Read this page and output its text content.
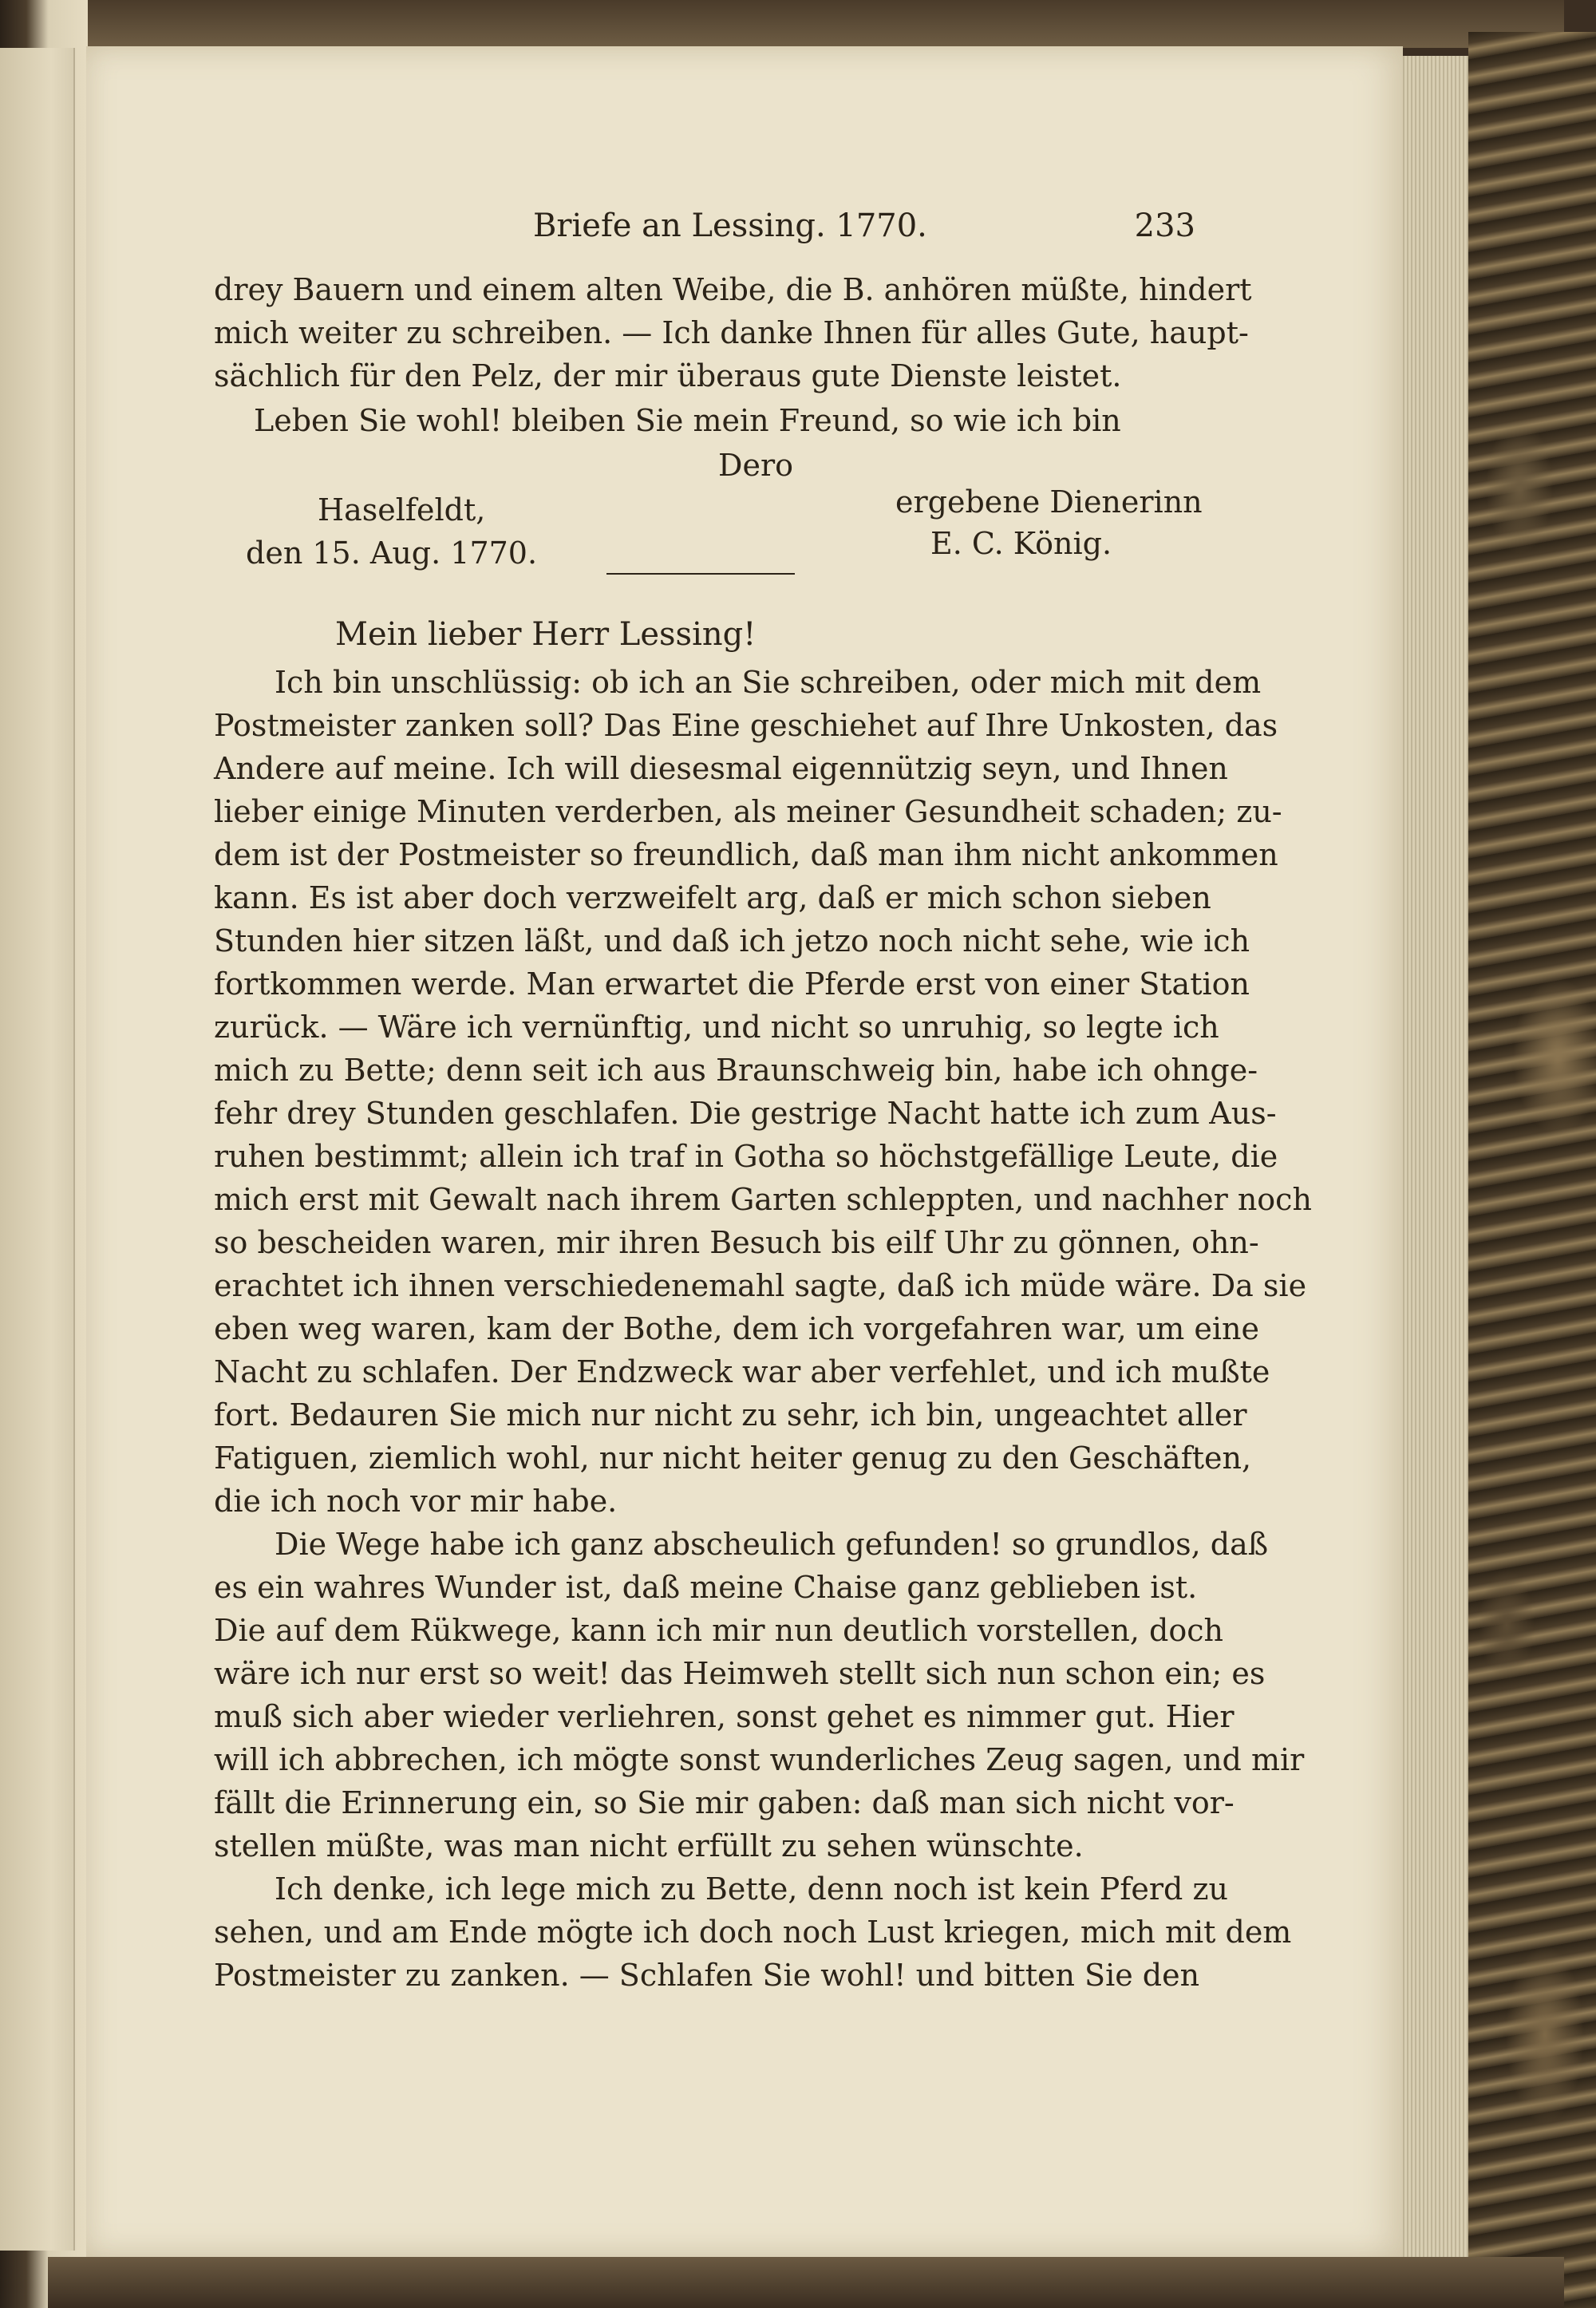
Briefe an Lessing. 1770.	233
drey Bauern und einem alten Weibe, die B. anhören müßte, hindert
mich weiter zu schreiben. — Ich danke Ihnen für alles Gute, haupt-
sächlich für den Pelz, der mir überaus gute Dienste leistet.
Leben Sie wohl! bleiben Sie mein Freund, so wie ich bin
Dero
Haselfeldt,	ergebene Dienerinn
den 15. Aug. 1770.	E. C. König.
Mein lieber Herr Lessing!
Ich bin unschlüssig: ob ich an Sie schreiben, oder mich mit dem
Postmeister zanken soll? Das Eine geschiehet auf Ihre Unkosten, das
Andere auf meine. Ich will diesesmal eigennützig seyn, und Ihnen
lieber einige Minuten verderben, als meiner Gesundheit schaden; zu-
dem ist der Postmeister so freundlich, daß man ihm nicht ankommen
kann. Es ist aber doch verzweifelt arg, daß er mich schon sieben
Stunden hier sitzen läßt, und daß ich jetzo noch nicht sehe, wie ich
fortkommen werde. Man erwartet die Pferde erst von einer Station
zurück. — Wäre ich vernünftig, und nicht so unruhig, so legte ich
mich zu Bette; denn seit ich aus Braunschweig bin, habe ich ohnge-
fehr drey Stunden geschlafen. Die gestrige Nacht hatte ich zum Aus-
ruhen bestimmt; allein ich traf in Gotha so höchstgefällige Leute, die
mich erst mit Gewalt nach ihrem Garten schleppten, und nachher noch
so bescheiden waren, mir ihren Besuch bis eilf Uhr zu gönnen, ohn-
erachtet ich ihnen verschiedenemahl sagte, daß ich müde wäre. Da sie
eben weg waren, kam der Bothe, dem ich vorgefahren war, um eine
Nacht zu schlafen. Der Endzweck war aber verfehlet, und ich mußte
fort. Bedauren Sie mich nur nicht zu sehr, ich bin, ungeachtet aller
Fatiguen, ziemlich wohl, nur nicht heiter genug zu den Geschäften,
die ich noch vor mir habe.
Die Wege habe ich ganz abscheulich gefunden! so grundlos, daß
es ein wahres Wunder ist, daß meine Chaise ganz geblieben ist.
Die auf dem Rükwege, kann ich mir nun deutlich vorstellen, doch
wäre ich nur erst so weit! das Heimweh stellt sich nun schon ein; es
muß sich aber wieder verliehren, sonst gehet es nimmer gut. Hier
will ich abbrechen, ich mögte sonst wunderliches Zeug sagen, und mir
fällt die Erinnerung ein, so Sie mir gaben: daß man sich nicht vor-
stellen müßte, was man nicht erfüllt zu sehen wünschte.
Ich denke, ich lege mich zu Bette, denn noch ist kein Pferd zu
sehen, und am Ende mögte ich doch noch Lust kriegen, mich mit dem
Postmeister zu zanken. — Schlafen Sie wohl! und bitten Sie den
